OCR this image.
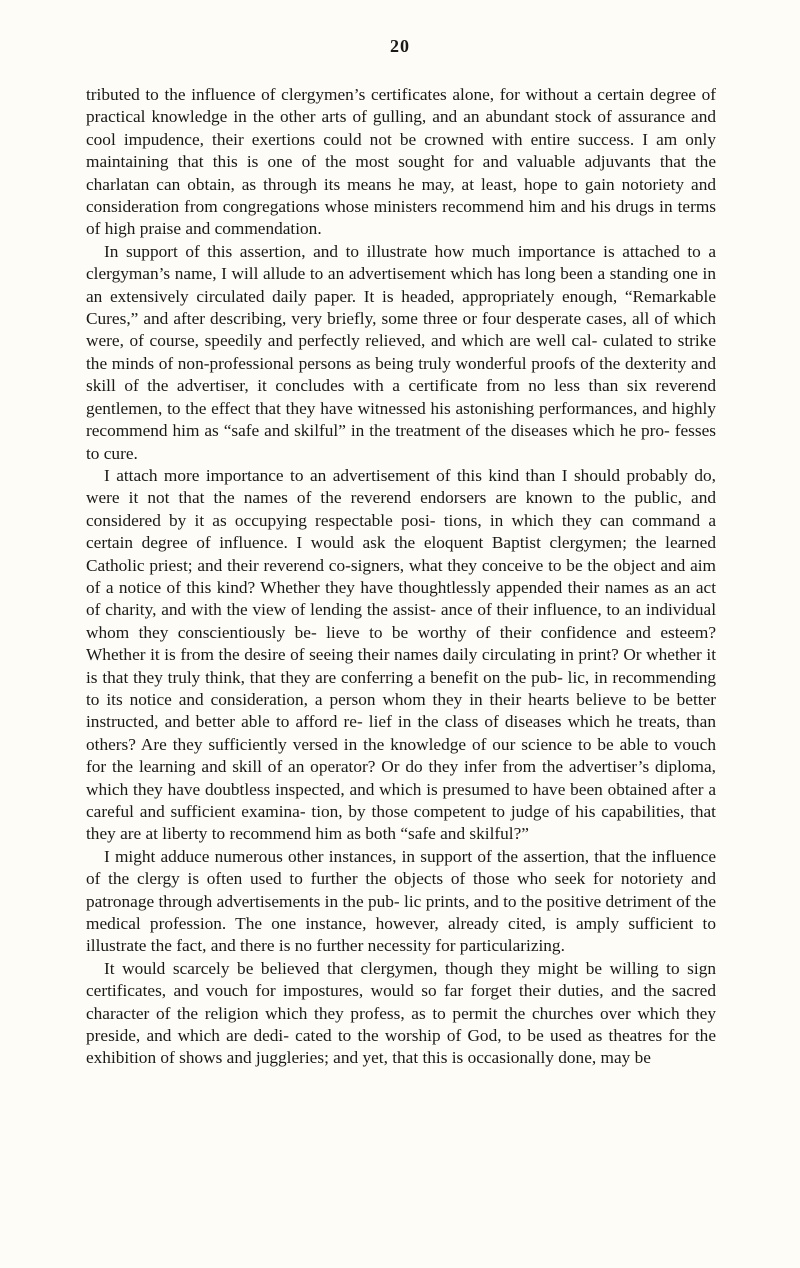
20

tributed to the influence of clergymen’s certificates alone, for without a certain degree of practical knowledge in the other arts of gulling, and an abundant stock of assurance and cool impudence, their exertions could not be crowned with entire success. I am only maintaining that this is one of the most sought for and valuable adjuvants that the charlatan can obtain, as through its means he may, at least, hope to gain notoriety and consideration from congregations whose ministers recommend him and his drugs in terms of high praise and commendation.

In support of this assertion, and to illustrate how much importance is attached to a clergyman’s name, I will allude to an advertisement which has long been a standing one in an extensively circulated daily paper. It is headed, appropriately enough, “Remarkable Cures,” and after describing, very briefly, some three or four desperate cases, all of which were, of course, speedily and perfectly relieved, and which are well cal- culated to strike the minds of non-professional persons as being truly wonderful proofs of the dexterity and skill of the advertiser, it concludes with a certificate from no less than six reverend gentlemen, to the effect that they have witnessed his astonishing performances, and highly recommend him as “safe and skilful” in the treatment of the diseases which he pro- fesses to cure.

I attach more importance to an advertisement of this kind than I should probably do, were it not that the names of the reverend endorsers are known to the public, and considered by it as occupying respectable posi- tions, in which they can command a certain degree of influence. I would ask the eloquent Baptist clergymen; the learned Catholic priest; and their reverend co-signers, what they conceive to be the object and aim of a notice of this kind? Whether they have thoughtlessly appended their names as an act of charity, and with the view of lending the assist- ance of their influence, to an individual whom they conscientiously be- lieve to be worthy of their confidence and esteem? Whether it is from the desire of seeing their names daily circulating in print? Or whether it is that they truly think, that they are conferring a benefit on the pub- lic, in recommending to its notice and consideration, a person whom they in their hearts believe to be better instructed, and better able to afford re- lief in the class of diseases which he treats, than others? Are they sufficiently versed in the knowledge of our science to be able to vouch for the learning and skill of an operator? Or do they infer from the advertiser’s diploma, which they have doubtless inspected, and which is presumed to have been obtained after a careful and sufficient examina- tion, by those competent to judge of his capabilities, that they are at liberty to recommend him as both “safe and skilful?”

I might adduce numerous other instances, in support of the assertion, that the influence of the clergy is often used to further the objects of those who seek for notoriety and patronage through advertisements in the pub- lic prints, and to the positive detriment of the medical profession. The one instance, however, already cited, is amply sufficient to illustrate the fact, and there is no further necessity for particularizing.

It would scarcely be believed that clergymen, though they might be willing to sign certificates, and vouch for impostures, would so far forget their duties, and the sacred character of the religion which they profess, as to permit the churches over which they preside, and which are dedi- cated to the worship of God, to be used as theatres for the exhibition of shows and juggleries; and yet, that this is occasionally done, may be
